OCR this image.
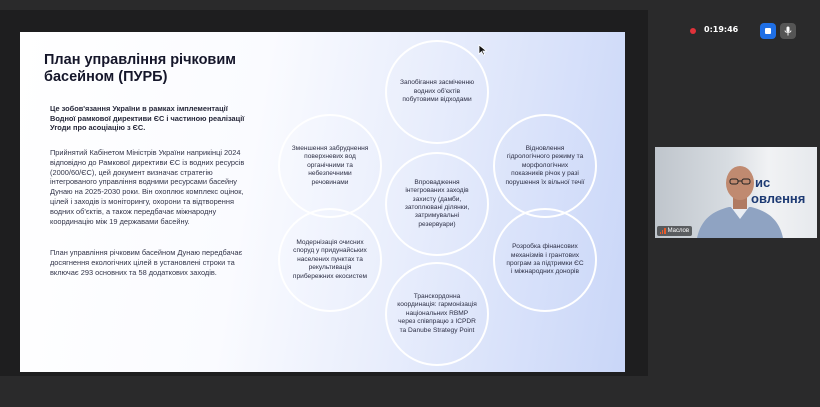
План управління річковим басейном (ПУРБ)
Це зобов'язання України в рамках імплементації Водної рамкової директиви ЄС і частиною реалізації Угоди про асоціацію з ЄС.
Прийнятий Кабінетом Міністрів України наприкінці 2024 відповідно до Рамкової директиви ЄС із водних ресурсів (2000/60/ЄС), цей документ визначає стратегію інтегрованого управління водними ресурсами басейну Дунаю на 2025-2030 роки. Він охоплює комплекс оцінок, цілей і заходів із моніторингу, охорони та відтворення водних об'єктів, а також передбачає міжнародну координацію між 19 державами басейну.
План управління річковим басейном Дунаю передбачає досягнення екологічних цілей в установлені строки та включає 293 основних та 58 додаткових заходів.
Запобігання засміченню водних об'єктів побутовими відходами
Зменшення забруднення поверхневих вод органічними та небезпечними речовинами
Відновлення гідрологічного режиму та морфологічних показників річок у разі порушення їх вільної течії
Впровадження інтегрованих заходів захисту (дамби, затоплювані ділянки, затримувальні резервуари)
Модернізація очисних споруд у придунайських населених пунктах та рекультивація прибережних екосистем
Розробка фінансових механізмів і грантових програм за підтримки ЄС і міжнародних донорів
Транскордонна координація: гармонізація національних RBMP через співпрацю з ICPDR та Danube Strategy Point
0:19:46
ис
овлення
Маслов
